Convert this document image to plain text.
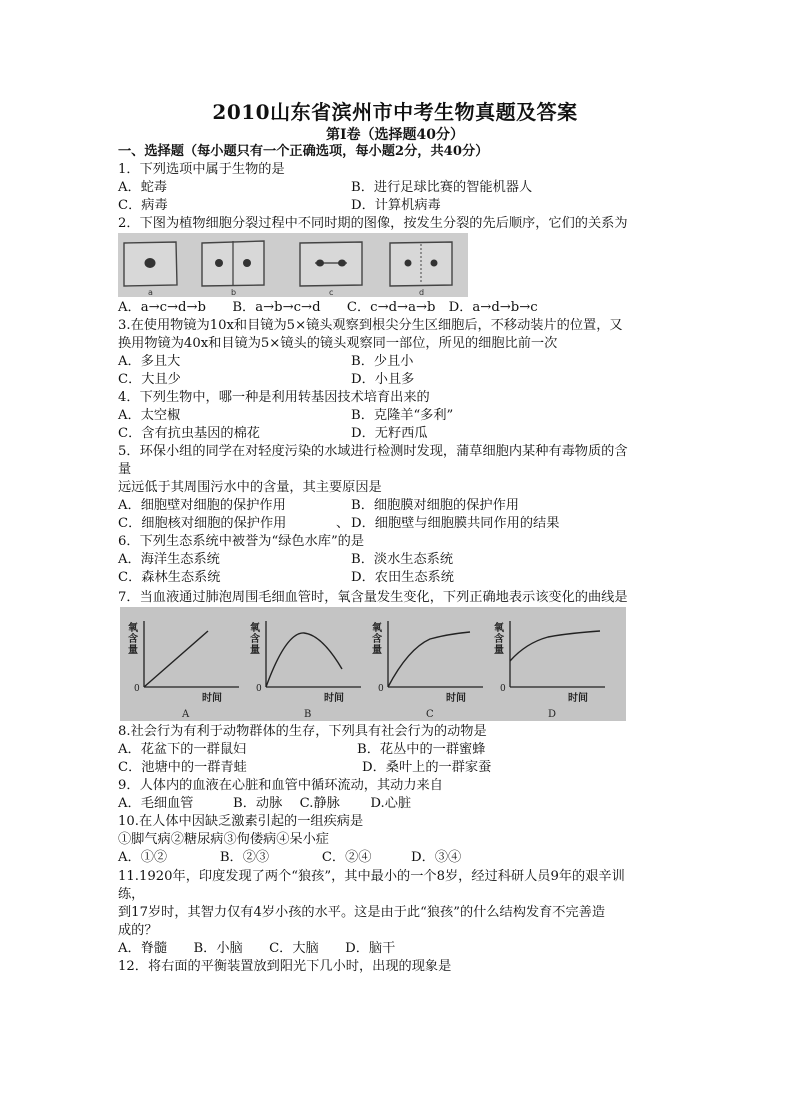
2010山东省滨州市中考生物真题及答案
第Ⅰ卷（选择题40分）
一、选择题（每小题只有一个正确选项，每小题2分，共40分）
1．下列选项中属于生物的是
A．蛇毒	B．进行足球比赛的智能机器人
C．病毒	D．计算机病毒
2．下图为植物细胞分裂过程中不同时期的图像，按发生分裂的先后顺序，它们的关系为
a	b	c	d
A．a→c→d→b　　B．a→b→c→d　　C．c→d→a→b　D．a→d→b→c
3.在使用物镜为10x和目镜为5×镜头观察到根尖分生区细胞后，不移动装片的位置，又
换用物镜为40x和目镜为5×镜头的镜头观察同一部位，所见的细胞比前一次
A．多且大	B．少且小
C．大且少	D．小且多
4．下列生物中，哪一种是利用转基因技术培育出来的
A．太空椒	B．克隆羊“多利”
C．含有抗虫基因的棉花	D．无籽西瓜
5．环保小组的同学在对轻度污染的水域进行检测时发现，蒲草细胞内某种有毒物质的含
量
远远低于其周围污水中的含量，其主要原因是
A．细胞壁对细胞的保护作用	B．细胞膜对细胞的保护作用
C．细胞核对细胞的保护作用	、 D．细胞壁与细胞膜共同作用的结果
6．下列生态系统中被誉为“绿色水库”的是
A．海洋生态系统	B．淡水生态系统
C．森林生态系统	D．农田生态系统
7．当血液通过肺泡周围毛细血管时，氧含量发生变化，下列正确地表示该变化的曲线是
氧
含
量
0
时间
A
氧
含
量
0
时间
B
氧
含
量
0
时间
C
氧
含
量
0
时间
D
8.社会行为有利于动物群体的生存，下列具有社会行为的动物是
A．花盆下的一群鼠妇	B．花丛中的一群蜜蜂
C．池塘中的一群青蛙	D．桑叶上的一群家蚕
9．人体内的血液在心脏和血管中循环流动，其动力来自
A．毛细血管　　　B．动脉　 C.静脉　　 D.心脏
10.在人体中因缺乏激素引起的一组疾病是
①脚气病②糖尿病③佝偻病④呆小症
A．①②　　　　B．②③　　　　C．②④　　　D．③④
11.1920年，印度发现了两个“狼孩”，其中最小的一个8岁，经过科研人员9年的艰辛训
练，
到17岁时，其智力仅有4岁小孩的水平。这是由于此“狼孩”的什么结构发育不完善造
成的？
A．脊髓　　B．小脑　　C．大脑　　D．脑干
12．将右面的平衡装置放到阳光下几小时，出现的现象是
